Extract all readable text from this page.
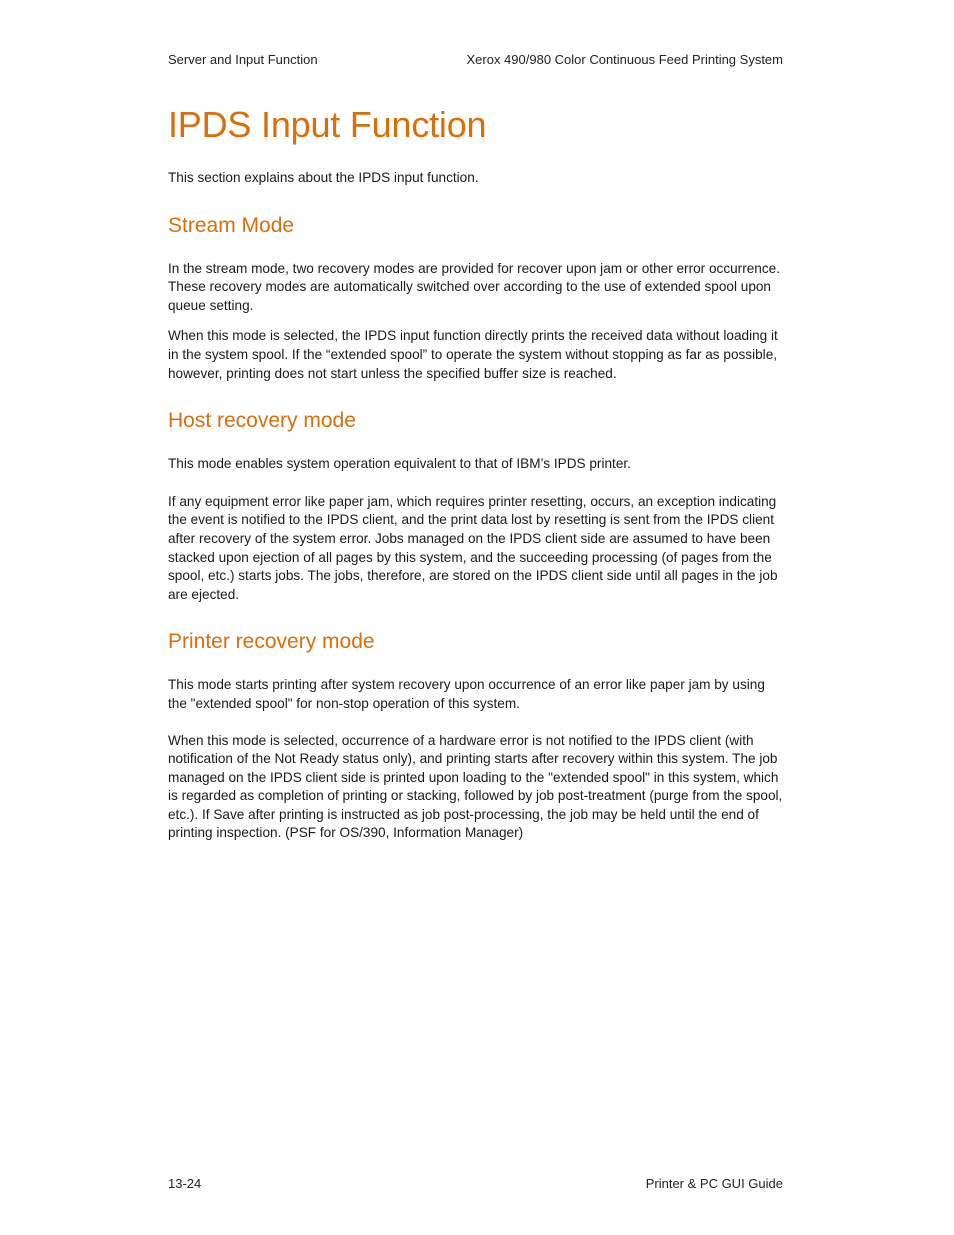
Server and Input Function	Xerox 490/980 Color Continuous Feed Printing System
IPDS Input Function

This section explains about the IPDS input function.

Stream Mode

In the stream mode, two recovery modes are provided for recover upon jam or other error occurrence. These recovery modes are automatically switched over according to the use of extended spool upon queue setting.

When this mode is selected, the IPDS input function directly prints the received data without loading it in the system spool. If the “extended spool” to operate the system without stopping as far as possible, however, printing does not start unless the specified buffer size is reached.

Host recovery mode

This mode enables system operation equivalent to that of IBM’s IPDS printer.

If any equipment error like paper jam, which requires printer resetting, occurs, an exception indicating the event is notified to the IPDS client, and the print data lost by resetting is sent from the IPDS client after recovery of the system error. Jobs managed on the IPDS client side are assumed to have been stacked upon ejection of all pages by this system, and the succeeding processing (of pages from the spool, etc.) starts jobs. The jobs, therefore, are stored on the IPDS client side until all pages in the job are ejected.

Printer recovery mode

This mode starts printing after system recovery upon occurrence of an error like paper jam by using the "extended spool" for non-stop operation of this system.

When this mode is selected, occurrence of a hardware error is not notified to the IPDS client (with notification of the Not Ready status only), and printing starts after recovery within this system. The job managed on the IPDS client side is printed upon loading to the "extended spool" in this system, which is regarded as completion of printing or stacking, followed by job post-treatment (purge from the spool, etc.). If Save after printing is instructed as job post-processing, the job may be held until the end of printing inspection. (PSF for OS/390, Information Manager)

13-24	Printer & PC GUI Guide
